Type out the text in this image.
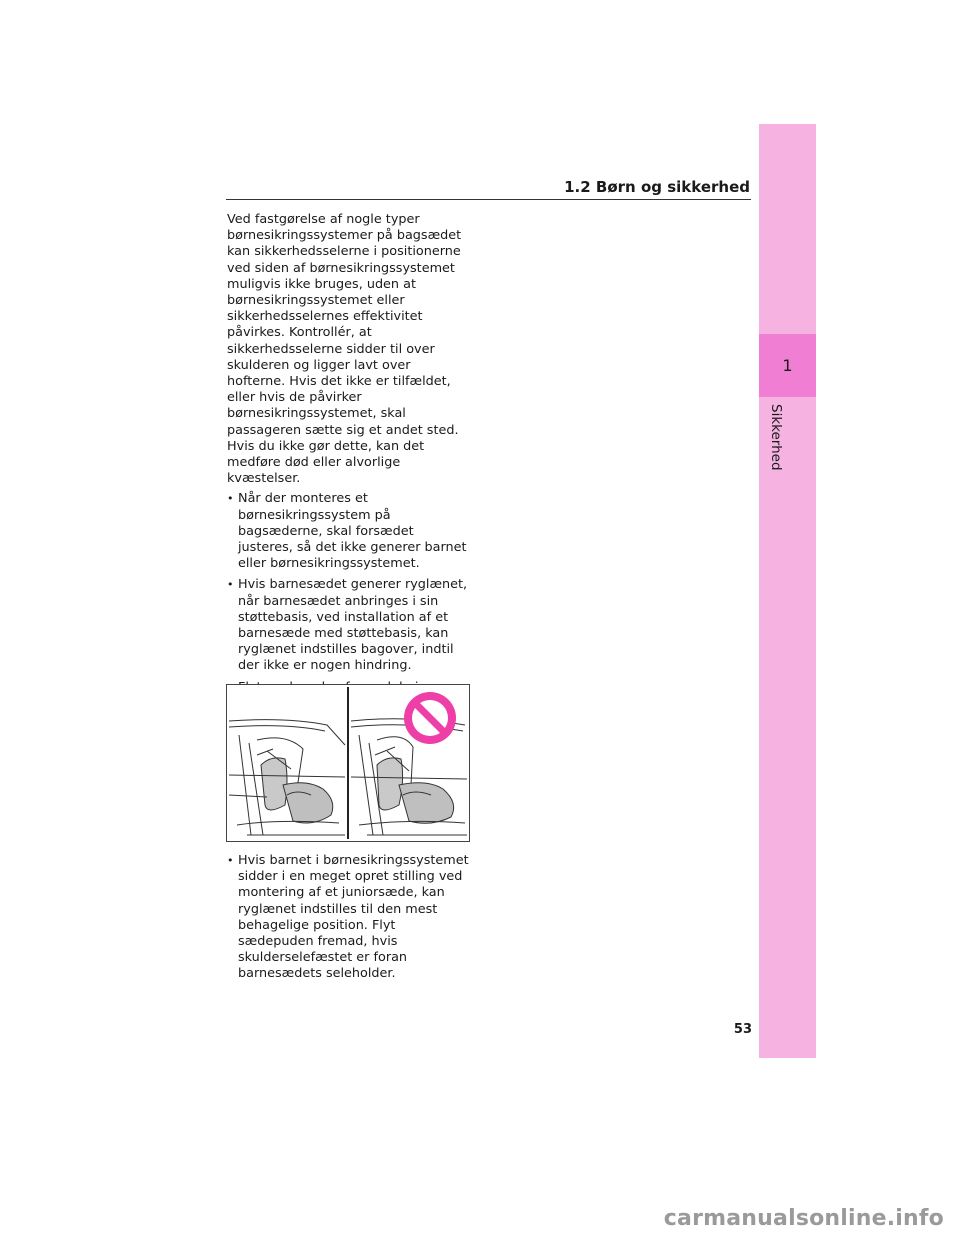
1.2 Børn og sikkerhed
1
Sikkerhed

Ved fastgørelse af nogle typer børnesikringssystemer på bagsædet kan sikkerhedsselerne i positionerne ved siden af børnesikringssystemet muligvis ikke bruges, uden at børnesikringssystemet eller sikkerhedsselernes effektivitet påvirkes. Kontrollér, at sikkerhedsselerne sidder til over skulderen og ligger lavt over hofterne. Hvis det ikke er tilfældet, eller hvis de påvirker børnesikringssystemet, skal passageren sætte sig et andet sted. Hvis du ikke gør dette, kan det medføre død eller alvorlige kvæstelser.

• Når der monteres et børnesikringssystem på bagsæderne, skal forsædet justeres, så det ikke generer barnet eller børnesikringssystemet.
• Hvis barnesædet generer ryglænet, når barnesædet anbringes i sin støttebasis, ved installation af et barnesæde med støttebasis, kan ryglænet indstilles bagover, indtil der ikke er nogen hindring.
•
• Hvis barnet i børnesikringssystemet sidder i en meget opret stilling ved montering af et juniorsæde, kan ryglænet indstilles til den mest behagelige position. Flyt sædepuden fremad, hvis skulderselefæstet er foran barnesædets seleholder.
53
carmanualsonline.info
